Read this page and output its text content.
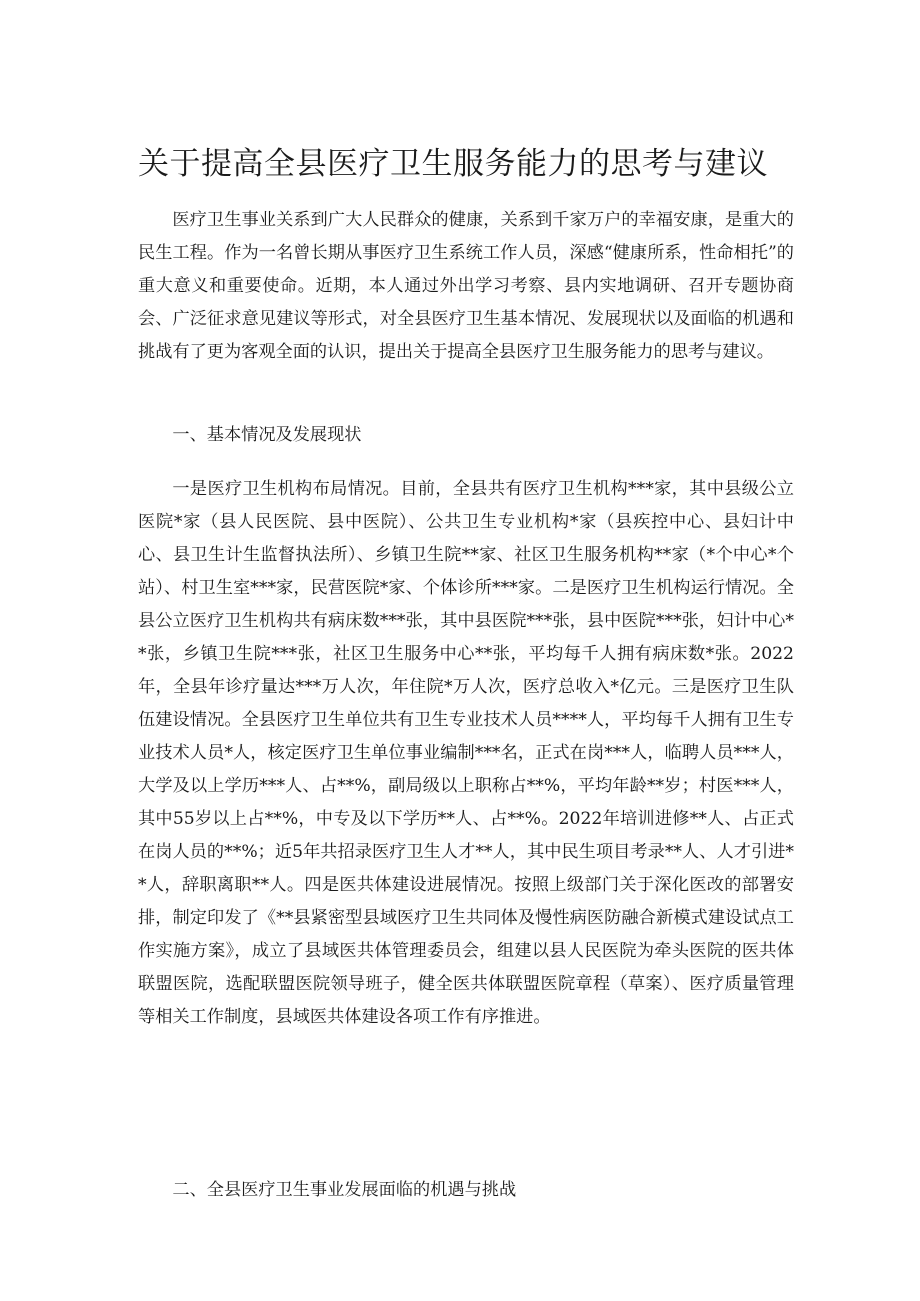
关于提高全县医疗卫生服务能力的思考与建议

医疗卫生事业关系到广大人民群众的健康，关系到千家万户的幸福安康，是重大的民生工程。作为一名曾长期从事医疗卫生系统工作人员，深感“健康所系，性命相托”的重大意义和重要使命。近期，本人通过外出学习考察、县内实地调研、召开专题协商会、广泛征求意见建议等形式，对全县医疗卫生基本情况、发展现状以及面临的机遇和挑战有了更为客观全面的认识，提出关于提高全县医疗卫生服务能力的思考与建议。

一、基本情况及发展现状

一是医疗卫生机构布局情况。目前，全县共有医疗卫生机构***家，其中县级公立医院*家（县人民医院、县中医院）、公共卫生专业机构*家（县疾控中心、县妇计中心、县卫生计生监督执法所）、乡镇卫生院**家、社区卫生服务机构**家（*个中心*个站）、村卫生室***家，民营医院*家、个体诊所***家。二是医疗卫生机构运行情况。全县公立医疗卫生机构共有病床数***张，其中县医院***张，县中医院***张，妇计中心**张，乡镇卫生院***张，社区卫生服务中心**张，平均每千人拥有病床数*张。2022年，全县年诊疗量达***万人次，年住院*万人次，医疗总收入*亿元。三是医疗卫生队伍建设情况。全县医疗卫生单位共有卫生专业技术人员****人，平均每千人拥有卫生专业技术人员*人，核定医疗卫生单位事业编制***名，正式在岗***人，临聘人员***人，大学及以上学历***人、占**%，副局级以上职称占**%，平均年龄**岁；村医***人，其中55岁以上占**%，中专及以下学历**人、占**%。2022年培训进修**人、占正式在岗人员的**%；近5年共招录医疗卫生人才**人，其中民生项目考录**人、人才引进**人，辞职离职**人。四是医共体建设进展情况。按照上级部门关于深化医改的部署安排，制定印发了《**县紧密型县域医疗卫生共同体及慢性病医防融合新模式建设试点工作实施方案》，成立了县域医共体管理委员会，组建以县人民医院为牵头医院的医共体联盟医院，选配联盟医院领导班子，健全医共体联盟医院章程（草案）、医疗质量管理等相关工作制度，县域医共体建设各项工作有序推进。

二、全县医疗卫生事业发展面临的机遇与挑战
